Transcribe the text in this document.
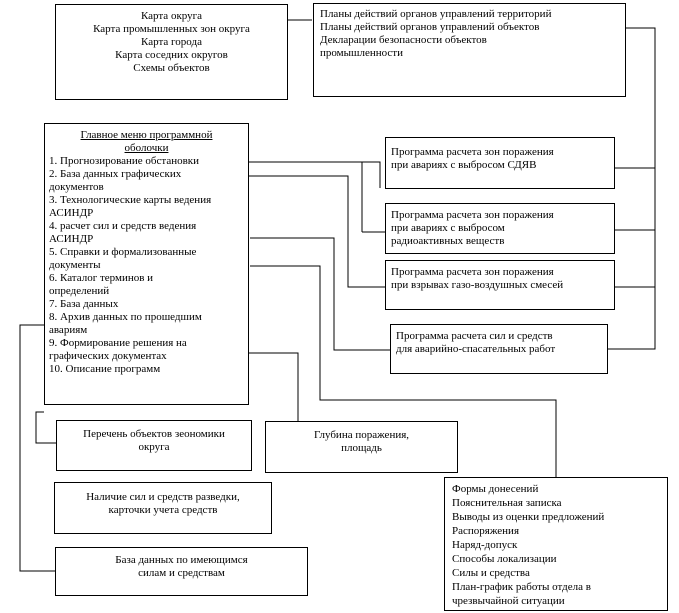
Карта округа
Карта промышленных зон округа
Карта города
Карта соседних округов
Схемы объектов
Планы действий органов управлений территорий
Планы действий органов управлений объектов
Декларации безопасности объектов
промышленности
Главное меню программной
оболочки
1. Прогнозирование обстановки
2. База данных графических
документов
3. Технологические карты ведения
АСИНДР
4. расчет сил и средств ведения
АСИНДР
5. Справки и формализованные
документы
6. Каталог терминов и
определений
7. База данных
8. Архив данных по прошедшим
авариям
9. Формирование решения на
графических документах
10. Описание программ
Программа расчета зон поражения
при авариях с выбросом СДЯВ
Программа расчета зон поражения
при авариях с выбросом
радиоактивных веществ
Программа расчета зон поражения
при взрывах газо-воздушных смесей
Программа расчета сил и средств
для аварийно-спасательных работ
Перечень объектов зеономики
округа
Глубина поражения,
площадь
Наличие сил и средств разведки,
карточки учета средств
База данных по имеющимся
силам и средствам
Формы донесений
Пояснительная записка
Выводы из оценки предложений
Распоряжения
Наряд-допуск
Способы локализации
Силы и средства
План-график работы отдела в
чрезвычайной ситуации
